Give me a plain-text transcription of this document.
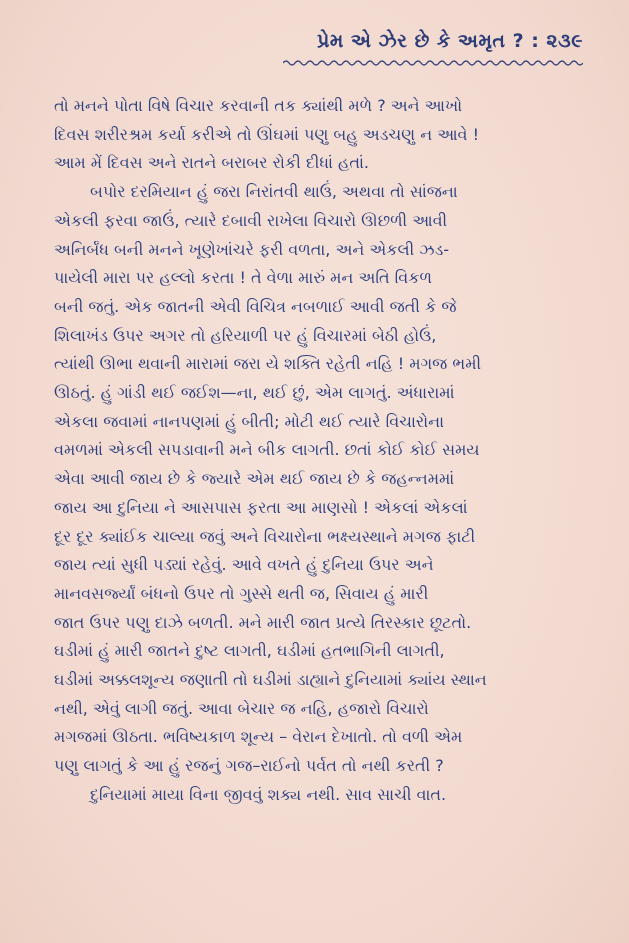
પ્રેમ એ ઝેર છે કે અમૃત ? : ૨૩૯
તો મનને પોતા વિષે વિચાર કરવાની તક ક્યાંથી મળે ? અને આખો
દિવસ શરીરશ્રમ કર્યા કરીએ તો ઊંઘમાં પણુ બહુ અડચણુ ન આવે !
આમ મેં દિવસ અને રાતને બરાબર રોકી દીધાં હતાં.
બપોર દરમિયાન હું જરા નિરાંતવી થાઉં, અથવા તો સાંજના
એકલી ફરવા જાઉં, ત્યારે દબાવી રાખેલા વિચારો ઊછળી આવી
અનિર્બંધ બની મનને ખૂણેખાંચરે ફરી વળતા, અને એકલી ઝડ-
પાયેલી મારા પર હલ્લો કરતા ! તે વેળા મારું મન અતિ વિકળ
બની જતું. એક જાતની એવી વિચિત્ર નબળાઈ આવી જતી કે જે
શિલાખંડ ઉપર અગર તો હરિયાળી પર હું વિચારમાં બેઠી હોઉં,
ત્યાંથી ઊભા થવાની મારામાં જરા યે શક્તિ રહેતી નહિ ! મગજ ભમી
ઊઠતું. હું ગાંડી થઈ જઈશ—ના, થઈ છું, એમ લાગતું. અંધારામાં
એકલા જવામાં નાનપણમાં હું બીતી; મોટી થઈ ત્યારે વિચારોના
વમળમાં એકલી સપડાવાની મને બીક લાગતી. છતાં કોઈ કોઈ સમય
એવા આવી જાય છે કે જ્યારે એમ થઈ જાય છે કે જહન્નમમાં
જાય આ દુનિયા ને આસપાસ ફરતા આ માણસો ! એકલાં એકલાં
દૂર દૂર ક્યાંઈક ચાલ્યા જવું અને વિચારોના ભક્ષ્યસ્થાને મગજ ફાટી
જાય ત્યાં સુધી પડ્યાં રહેવું. આવે વખતે હું દુનિયા ઉપર અને
માનવસર્જ્યાં બંધનો ઉપર તો ગુસ્સે થતી જ, સિવાય હું મારી
જાત ઉપર પણુ દાઝે બળતી. મને મારી જાત પ્રત્યે તિરસ્કાર છૂટતો.
ઘડીમાં હું મારી જાતને દુષ્ટ લાગતી, ઘડીમાં હતભાગિની લાગતી,
ઘડીમાં અક્કલશૂન્ય જણાતી તો ઘડીમાં ડાહ્યાને દુનિયામાં ક્યાંય સ્થાન
નથી, એવું લાગી જતું. આવા બેચાર જ નહિ, હજારો વિચારો
મગજમાં ઊઠતા. ભવિષ્યકાળ શૂન્ય – વેરાન દેખાતો. તો વળી એમ
પણુ લાગતું કે આ હું રજનું ગજ–રાઈનો પર્વત તો નથી કરતી ?
દુનિયામાં માયા વિના જીવવું શક્ય નથી. સાવ સાચી વાત.
